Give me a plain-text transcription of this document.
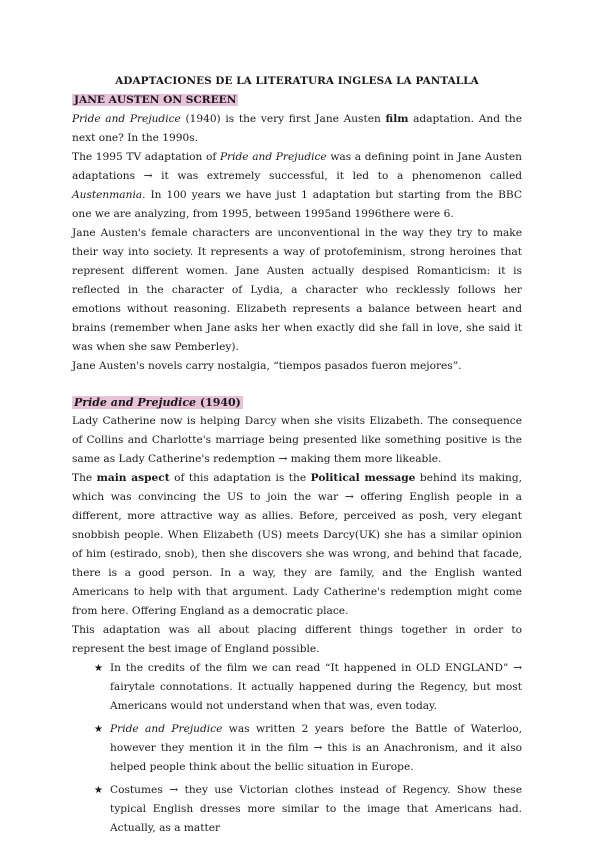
ADAPTACIONES DE LA LITERATURA INGLESA LA PANTALLA

JANE AUSTEN ON SCREEN

Pride and Prejudice (1940) is the very first Jane Austen film adaptation. And the next one? In the 1990s.

The 1995 TV adaptation of Pride and Prejudice was a defining point in Jane Austen adaptations → it was extremely successful, it led to a phenomenon called Austenmania. In 100 years we have just 1 adaptation but starting from the BBC one we are analyzing, from 1995, between 1995and 1996there were 6.

Jane Austen's female characters are unconventional in the way they try to make their way into society. It represents a way of protofeminism, strong heroines that represent different women. Jane Austen actually despised Romanticism: it is reflected in the character of Lydia, a character who recklessly follows her emotions without reasoning. Elizabeth represents a balance between heart and brains (remember when Jane asks her when exactly did she fall in love, she said it was when she saw Pemberley).

Jane Austen's novels carry nostalgia, “tiempos pasados fueron mejores”.

Pride and Prejudice (1940)

Lady Catherine now is helping Darcy when she visits Elizabeth. The consequence of Collins and Charlotte's marriage being presented like something positive is the same as Lady Catherine's redemption → making them more likeable.

The main aspect of this adaptation is the Political message behind its making, which was convincing the US to join the war → offering English people in a different, more attractive way as allies. Before, perceived as posh, very elegant snobbish people. When Elizabeth (US) meets Darcy(UK) she has a similar opinion of him (estirado, snob), then she discovers she was wrong, and behind that facade, there is a good person. In a way, they are family, and the English wanted Americans to help with that argument. Lady Catherine's redemption might come from here. Offering England as a democratic place.

This adaptation was all about placing different things together in order to represent the best image of England possible.

★ In the credits of the film we can read “It happened in OLD ENGLAND” → fairytale connotations. It actually happened during the Regency, but most Americans would not understand when that was, even today.
★ Pride and Prejudice was written 2 years before the Battle of Waterloo, however they mention it in the film → this is an Anachronism, and it also helped people think about the bellic situation in Europe.
★ Costumes → they use Victorian clothes instead of Regency. Show these typical English dresses more similar to the image that Americans had. Actually, as a matter
